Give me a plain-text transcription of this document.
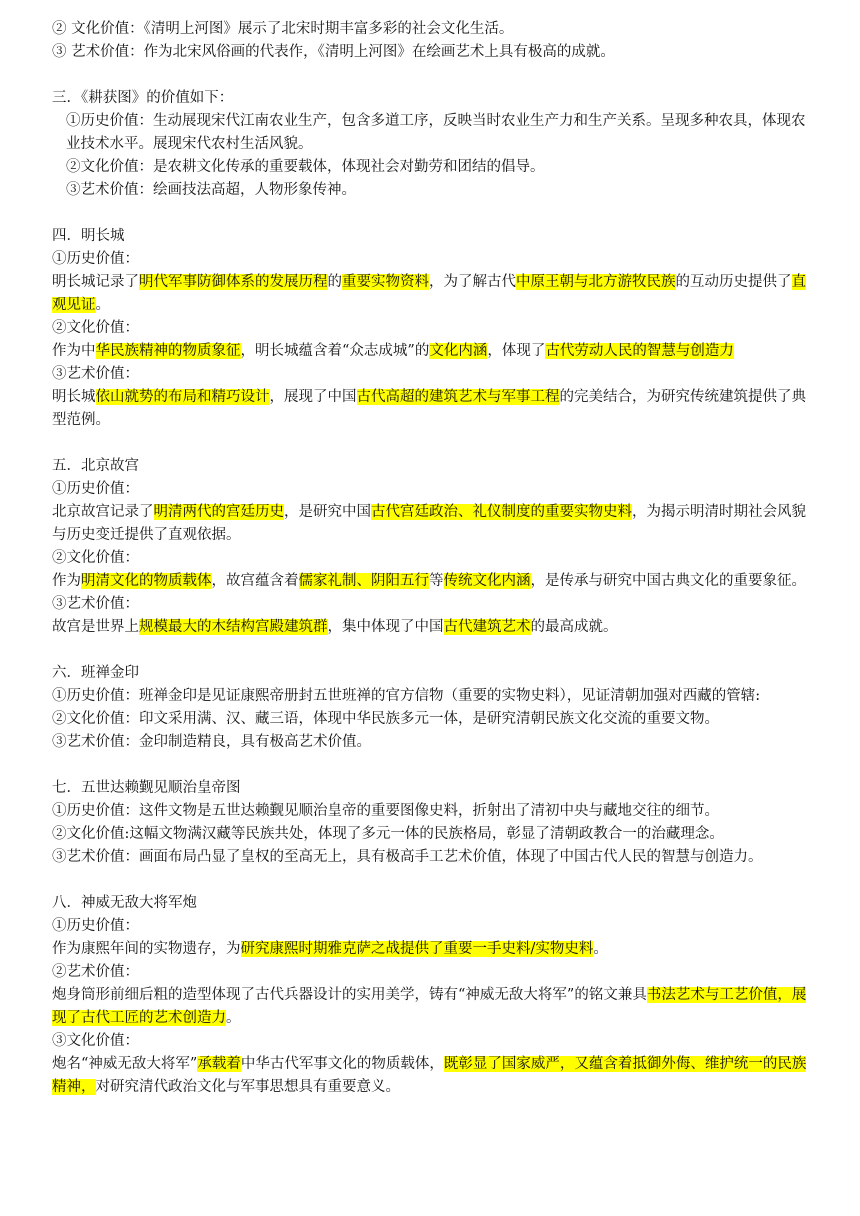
② 文化价值：《清明上河图》展示了北宋时期丰富多彩的社会文化生活。
③ 艺术价值：作为北宋风俗画的代表作，《清明上河图》在绘画艺术上具有极高的成就。
三．《耕获图》的价值如下：
①历史价值：生动展现宋代江南农业生产，包含多道工序，反映当时农业生产力和生产关系。呈现多种农具，体现农业技术水平。展现宋代农村生活风貌。
②文化价值：是农耕文化传承的重要载体，体现社会对勤劳和团结的倡导。
③艺术价值：绘画技法高超，人物形象传神。
四．明长城
①历史价值：
明长城记录了明代军事防御体系的发展历程的重要实物资料，为了解古代中原王朝与北方游牧民族的互动历史提供了直观见证。
②文化价值：
作为中华民族精神的物质象征，明长城蕴含着“众志成城”的文化内涵，体现了古代劳动人民的智慧与创造力
③艺术价值：
明长城依山就势的布局和精巧设计，展现了中国古代高超的建筑艺术与军事工程的完美结合，为研究传统建筑提供了典型范例。
五．北京故宫
①历史价值：
北京故宫记录了明清两代的宫廷历史，是研究中国古代宫廷政治、礼仪制度的重要实物史料，为揭示明清时期社会风貌与历史变迁提供了直观依据。
②文化价值：
作为明清文化的物质载体，故宫蕴含着儒家礼制、阴阳五行等传统文化内涵，是传承与研究中国古典文化的重要象征。
③艺术价值：
故宫是世界上规模最大的木结构宫殿建筑群，集中体现了中国古代建筑艺术的最高成就。
六．班禅金印
①历史价值：班禅金印是见证康熙帝册封五世班禅的官方信物（重要的实物史料），见证清朝加强对西藏的管辖:
②文化价值：印文采用满、汉、藏三语，体现中华民族多元一体，是研究清朝民族文化交流的重要文物。
③艺术价值：金印制造精良，具有极高艺术价值。
七．五世达赖觐见顺治皇帝图
①历史价值：这件文物是五世达赖觐见顺治皇帝的重要图像史料，折射出了清初中央与藏地交往的细节。
②文化价值:这幅文物满汉藏等民族共处，体现了多元一体的民族格局，彰显了清朝政教合一的治藏理念。
③艺术价值：画面布局凸显了皇权的至高无上，具有极高手工艺术价值，体现了中国古代人民的智慧与创造力。
八．神威无敌大将军炮
①历史价值：
作为康熙年间的实物遗存，为研究康熙时期雅克萨之战提供了重要一手史料/实物史料。
②艺术价值：
炮身筒形前细后粗的造型体现了古代兵器设计的实用美学，铸有“神威无敌大将军”的铭文兼具书法艺术与工艺价值，展现了古代工匠的艺术创造力。
③文化价值：
炮名“神威无敌大将军”承载着中华古代军事文化的物质载体，既彰显了国家威严，又蕴含着抵御外侮、维护统一的民族精神，对研究清代政治文化与军事思想具有重要意义。
